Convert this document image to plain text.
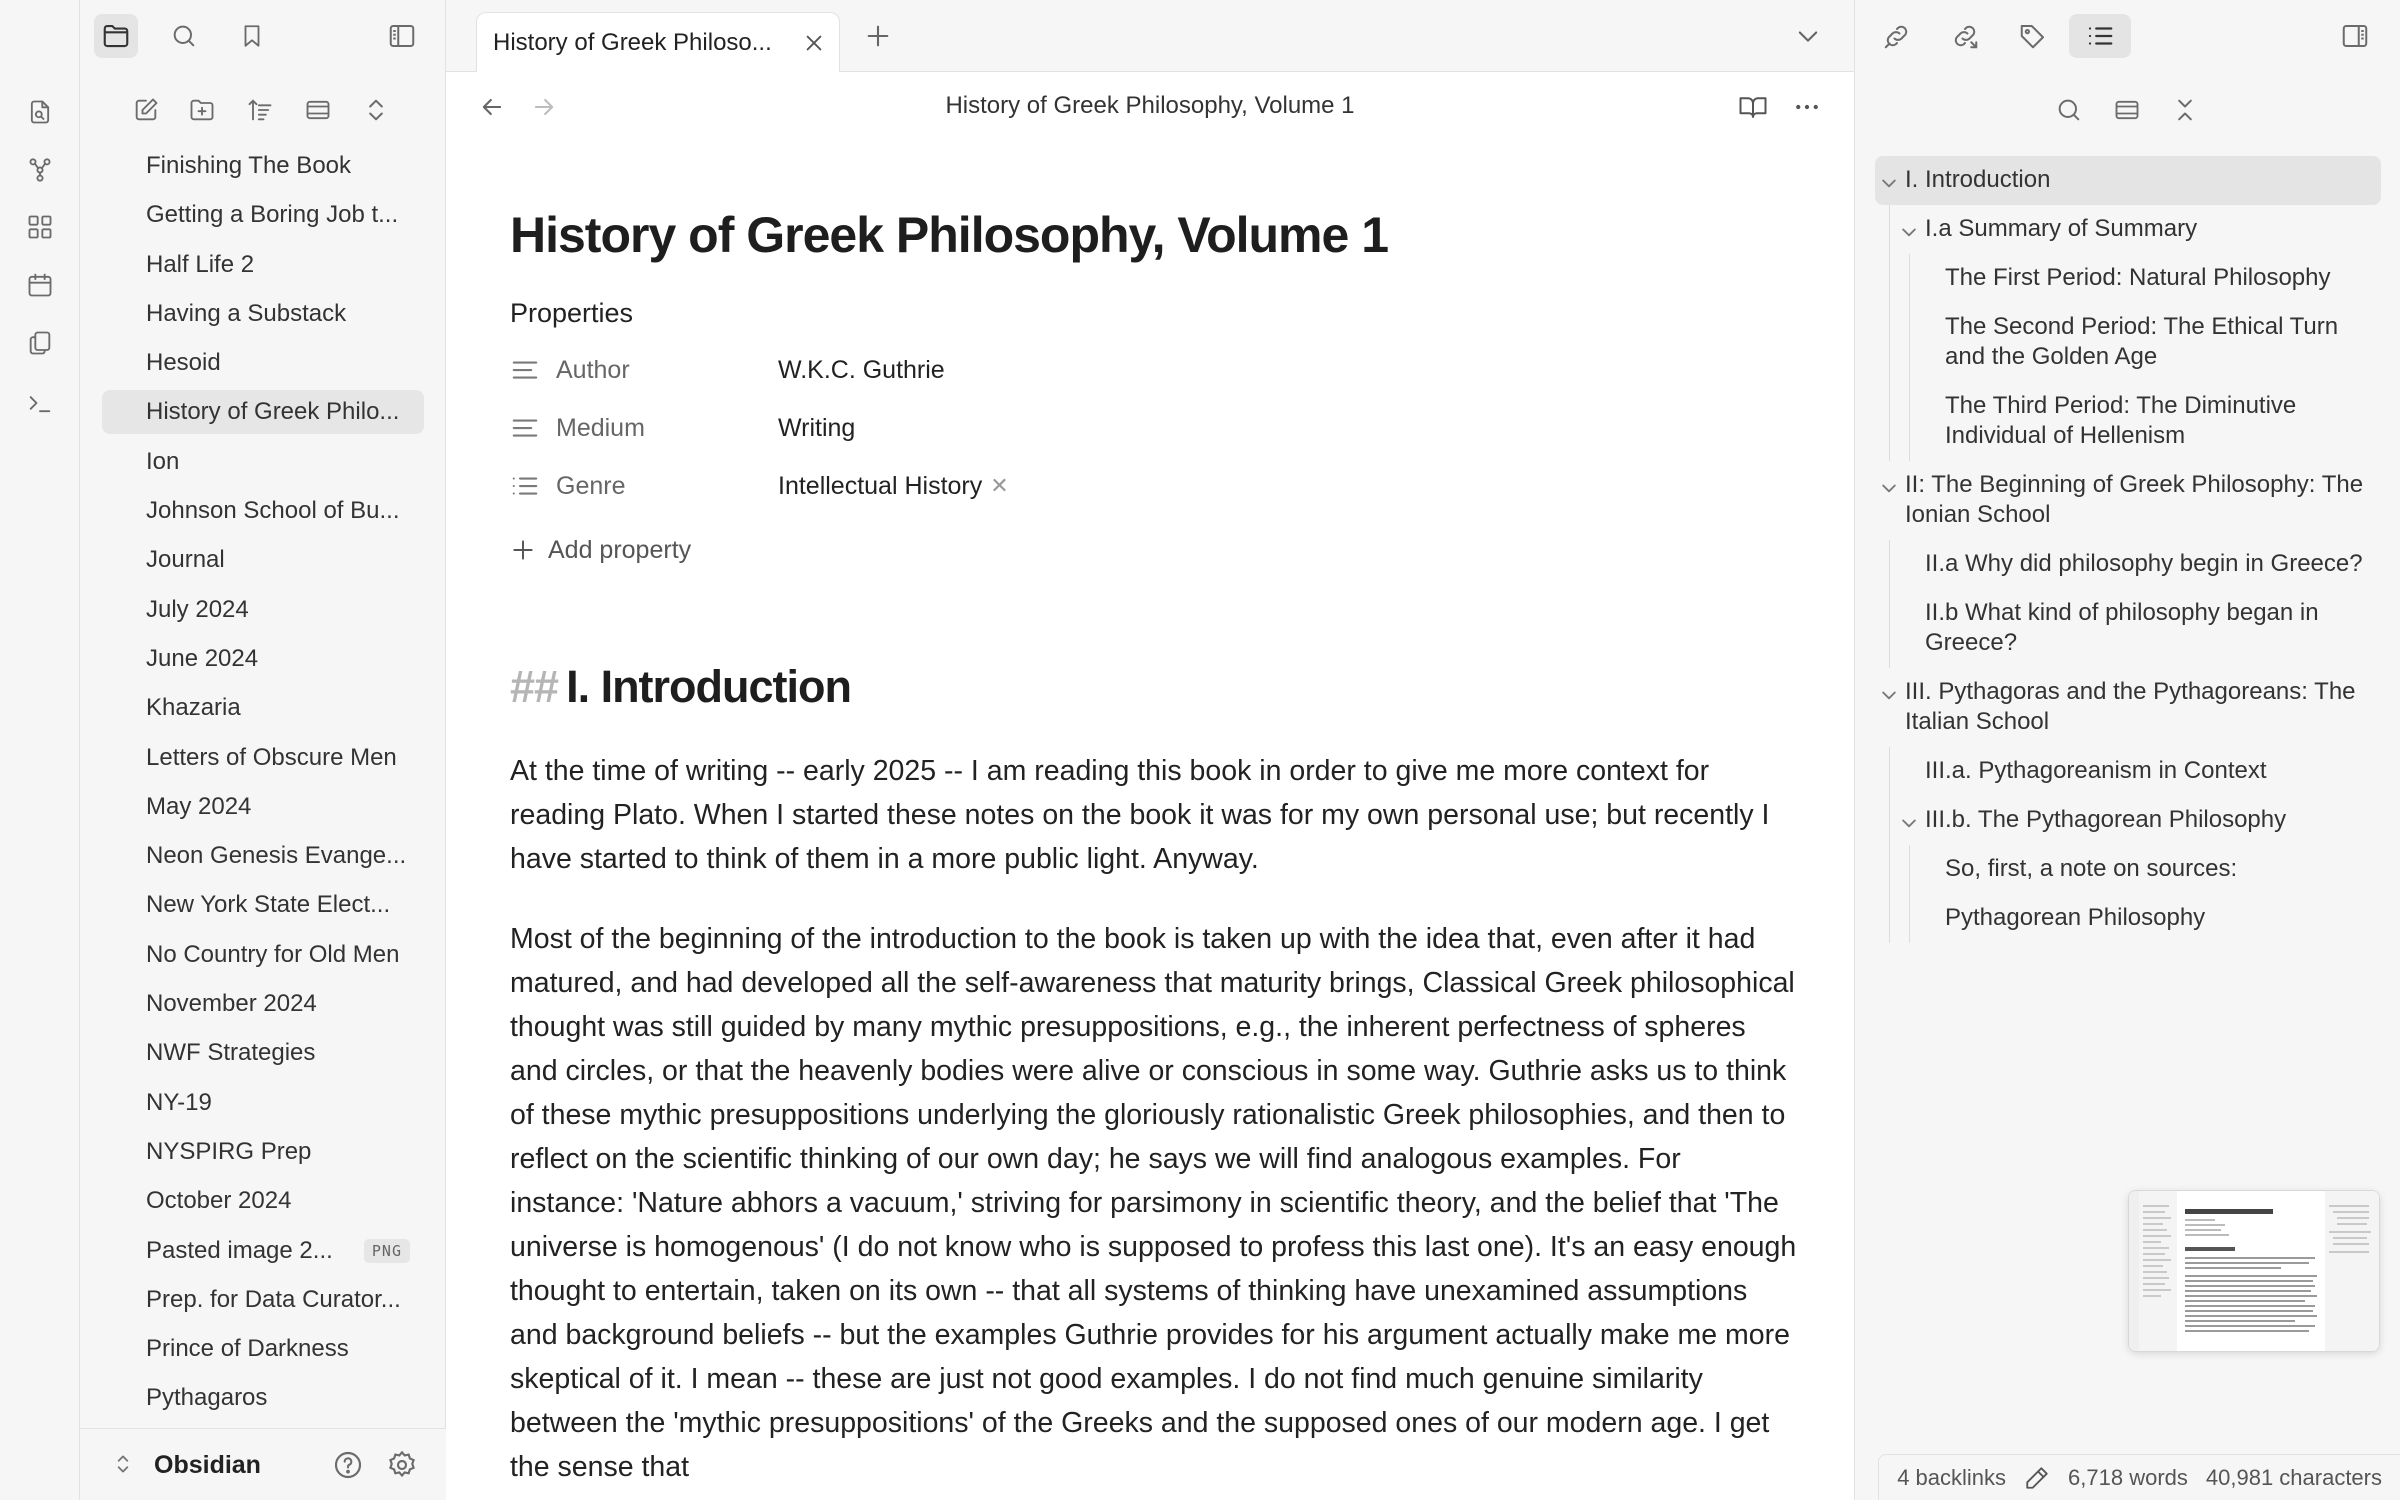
Finishing The Book
Getting a Boring Job t...
Half Life 2
Having a Substack
Hesoid
History of Greek Philo...
Ion
Johnson School of Bu...
Journal
July 2024
June 2024
Khazaria
Letters of Obscure Men
May 2024
Neon Genesis Evange...
New York State Elect...
No Country for Old Men
November 2024
NWF Strategies
NY-19
NYSPIRG Prep
October 2024
Pasted image 2...	PNG
Prep. for Data Curator...
Prince of Darkness
Pythagaros
Obsidian
History of Greek Philoso...
History of Greek Philosophy, Volume 1
History of Greek Philosophy, Volume 1
Properties
Author	W.K.C. Guthrie
Medium	Writing
Genre	Intellectual History ✕
Add property
## I. Introduction

At the time of writing -- early 2025 -- I am reading this book in order to give me more context for reading Plato. When I started these notes on the book it was for my own personal use; but recently I have started to think of them in a more public light. Anyway.

Most of the beginning of the introduction to the book is taken up with the idea that, even after it had matured, and had developed all the self-awareness that maturity brings, Classical Greek philosophical thought was still guided by many mythic presuppositions, e.g., the inherent perfectness of spheres and circles, or that the heavenly bodies were alive or conscious in some way. Guthrie asks us to think of these mythic presuppositions underlying the gloriously rationalistic Greek philosophies, and then to reflect on the scientific thinking of our own day; he says we will find analogous examples. For instance: 'Nature abhors a vacuum,' striving for parsimony in scientific theory, and the belief that 'The universe is homogenous' (I do not know who is supposed to profess this last one). It's an easy enough thought to entertain, taken on its own -- that all systems of thinking have unexamined assumptions and background beliefs -- but the examples Guthrie provides for his argument actually make me more skeptical of it. I mean -- these are just not good examples. I do not find much genuine similarity between the 'mythic presuppositions' of the Greeks and the supposed ones of our modern age. I get the sense that

I. Introduction
I.a Summary of Summary
The First Period: Natural Philosophy
The Second Period: The Ethical Turn and the Golden Age
The Third Period: The Diminutive Individual of Hellenism
II: The Beginning of Greek Philosophy: The Ionian School
II.a Why did philosophy begin in Greece?
II.b What kind of philosophy began in Greece?
III. Pythagoras and the Pythagoreans: The Italian School
III.a. Pythagoreanism in Context
III.b. The Pythagorean Philosophy
So, first, a note on sources:
Pythagorean Philosophy
4 backlinks	6,718 words 40,981 characters
